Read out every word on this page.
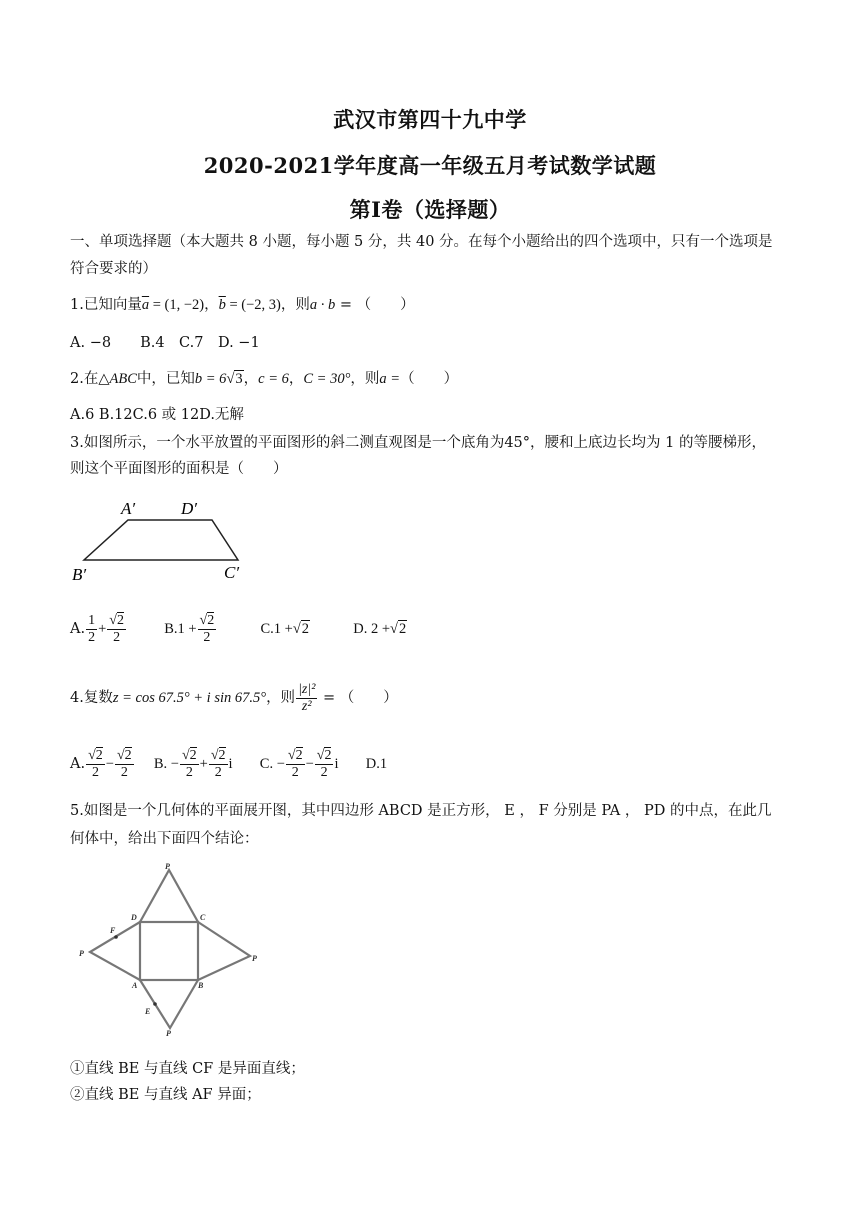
武汉市第四十九中学
2020-2021学年度高一年级五月考试数学试题
第Ⅰ卷（选择题）
一、单项选择题（本大题共 8 小题，每小题 5 分，共 40 分。在每个小题给出的四个选项中，只有一个选项是
符合要求的）
1.已知向量$\overline{a} = (1$, −2)，$\overline{b} = (-2$, 3)，则a · b = （　　）
A. −8　　B.4　C.7　D. −1
2.在△ABC中，已知b = 6√3，c = 6，C = 30°，则a =（　　）
A.6 B.12C.6 或 12D.无解
3.如图所示，一个水平放置的平面图形的斜二测直观图是一个底角为45°，腰和上底边长均为 1 的等腰梯形，
则这个平面图形的面积是（　　）
A′	D′
B′	C′
A. $\frac{1}{2} + \frac{√2}{2}$	$B.1 + \frac{√2}{2}$	C.1 +√2	D. 2 +√2
4.复数z = cos 67.5° + i sin 67.5°，则 $\frac{\text{|z|²}}{\text{z²}}$ = （　　）
A. $\frac{√2}{2} - \frac{√2}{2} B$. − $\frac{√2}{2} + \frac{√2}{2}$ i C. − $\frac{√2}{2} - \frac{√2}{2}$ i D.1
5.如图是一个几何体的平面展开图，其中四边形 ABCD 是正方形， E ， F 分别是 PA ， PD 的中点，在此几
何体中，给出下面四个结论：
P
D	C
F
P
P
A	B
E
P
①直线 BE 与直线 CF 是异面直线；
②直线 BE 与直线 AF 异面；
